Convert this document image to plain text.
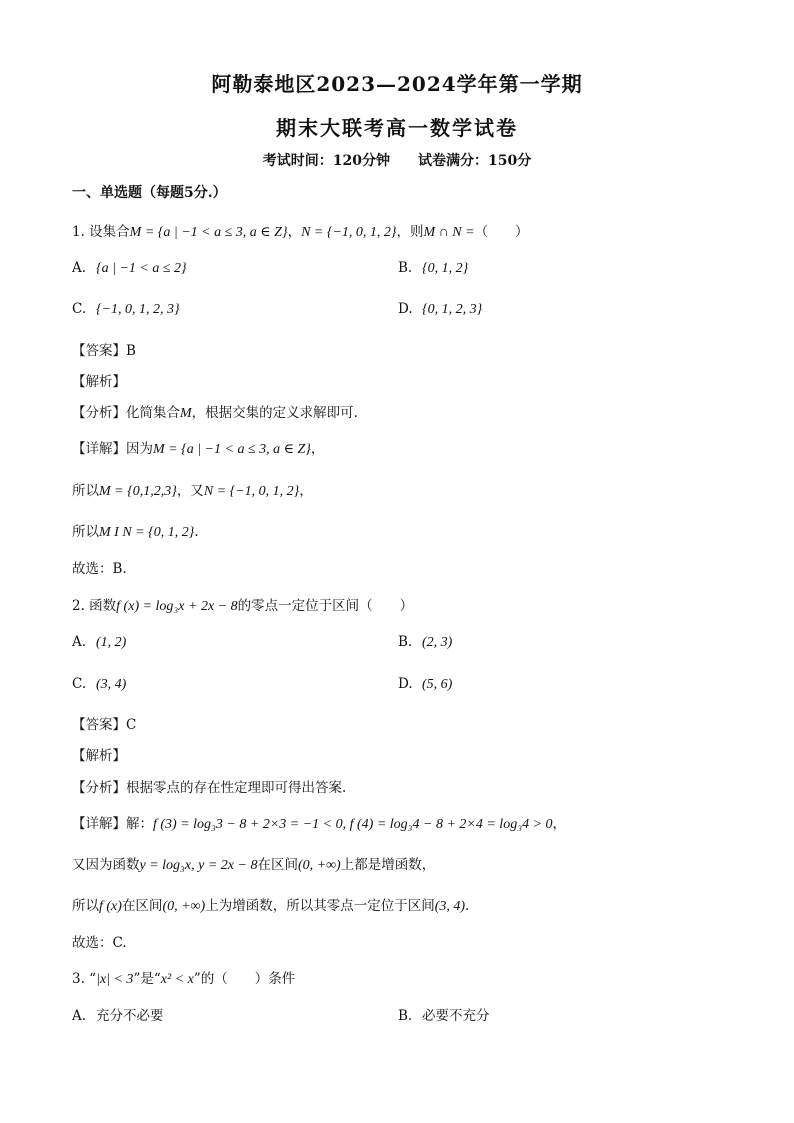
阿勒泰地区2023—2024学年第一学期
期末大联考高一数学试卷
考试时间：120分钟 试卷满分：150分
一、单选题（每题5分.）
1. 设集合M = {a | −1 < a ≤ 3, a ∈ Z}，N = {−1, 0, 1, 2}，则M ∩ N =（　　）
A. {a | −1 < a ≤ 2}	B. {0, 1, 2}
C. {−1, 0, 1, 2, 3}	D. {0, 1, 2, 3}
【答案】B
【解析】
【分析】化简集合M，根据交集的定义求解即可.
【详解】因为M = {a | −1 < a ≤ 3, a ∈ Z}，
所以M = {0,1,2,3}，又N = {−1, 0, 1, 2}，
所以M I N = {0, 1, 2}.
故选：B.
2. 函数f (x) = log₃x + 2x − 8的零点一定位于区间（　　）
A. (1, 2)	B. (2, 3)
C. (3, 4)	D. (5, 6)
【答案】C
【解析】
【分析】根据零点的存在性定理即可得出答案.
【详解】解：f (3) = log₃3 − 8 + 2×3 = −1 < 0, f (4) = log₃4 − 8 + 2×4 = log₃4 > 0，
又因为函数y = log₃x, y = 2x − 8在区间(0, +∞)上都是增函数，
所以f (x)在区间(0, +∞)上为增函数，所以其零点一定位于区间(3, 4).
故选：C.
3. “|x| < 3”是“x² < x”的（　　）条件
A. 充分不必要	B. 必要不充分
